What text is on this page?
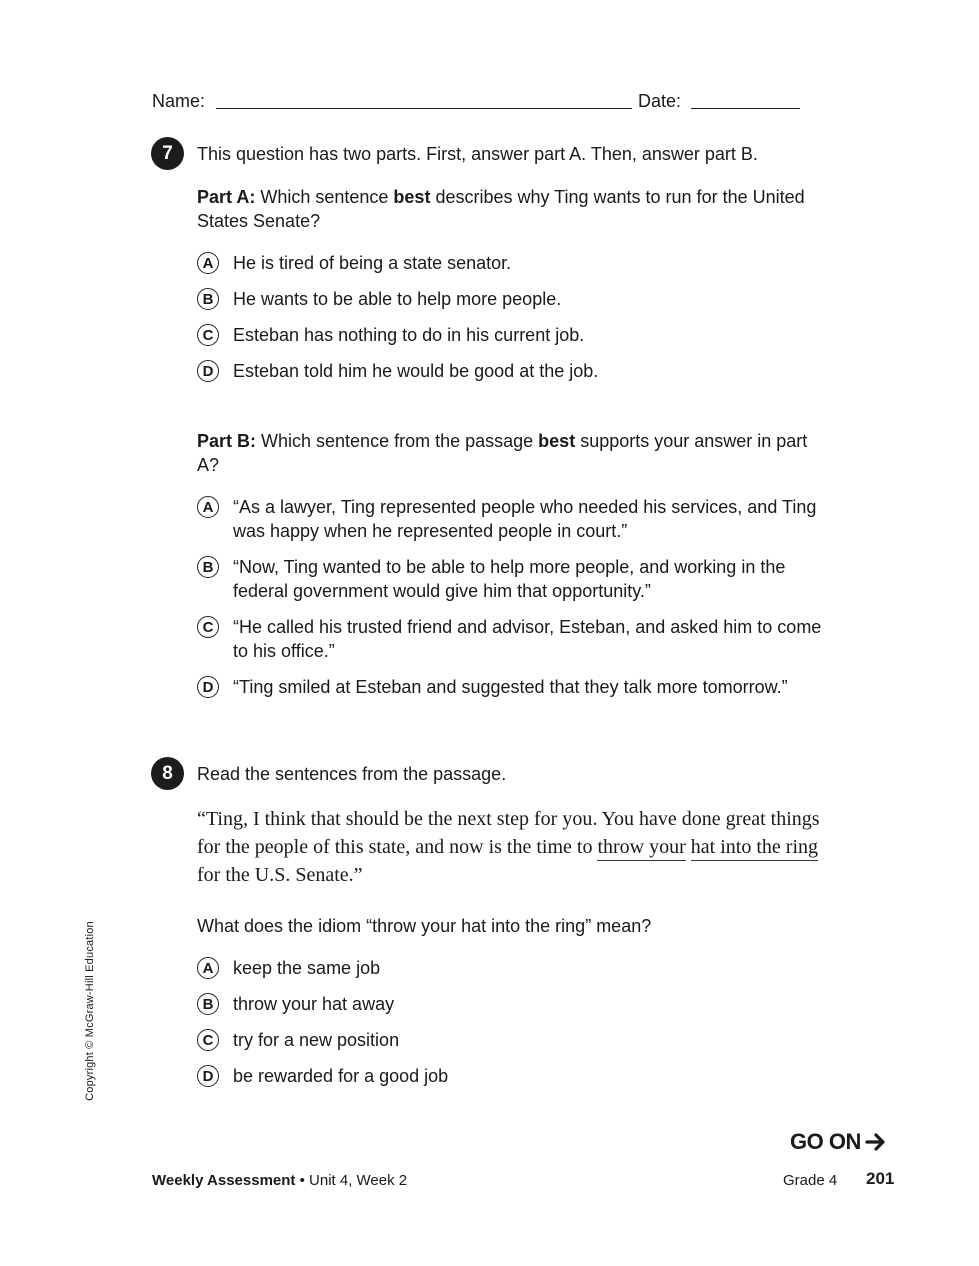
Name:	Date:
7	This question has two parts. First, answer part A. Then, answer part B.
Part A: Which sentence best describes why Ting wants to run for the United States Senate?
A	He is tired of being a state senator.
B	He wants to be able to help more people.
C	Esteban has nothing to do in his current job.
D	Esteban told him he would be good at the job.
Part B: Which sentence from the passage best supports your answer in part A?
A	“As a lawyer, Ting represented people who needed his services, and Ting was happy when he represented people in court.”
B	“Now, Ting wanted to be able to help more people, and working in the federal government would give him that opportunity.”
C	“He called his trusted friend and advisor, Esteban, and asked him to come to his office.”
D	“Ting smiled at Esteban and suggested that they talk more tomorrow.”
8	Read the sentences from the passage.
“Ting, I think that should be the next step for you. You have done great things for the people of this state, and now is the time to throw your hat into the ring for the U.S. Senate.”
What does the idiom “throw your hat into the ring” mean?
A	keep the same job
B	throw your hat away
C	try for a new position
D	be rewarded for a good job
Copyright © McGraw-Hill Education
GO ON
Weekly Assessment • Unit 4, Week 2	Grade 4 201
